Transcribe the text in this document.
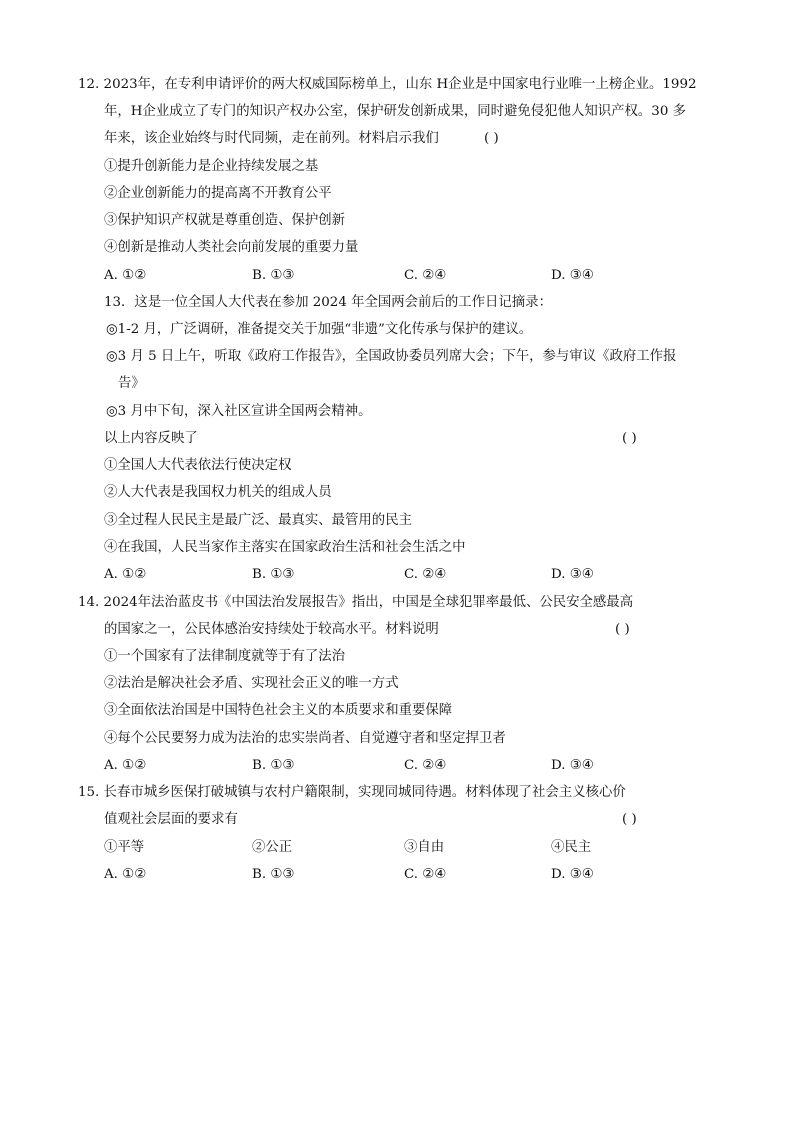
12. 2023年，在专利申请评价的两大权威国际榜单上，山东 H企业是中国家电行业唯一上榜企业。1992
年，H企业成立了专门的知识产权办公室，保护研发创新成果，同时避免侵犯他人知识产权。30 多
年来，该企业始终与时代同频，走在前列。材料启示我们	( )
①提升创新能力是企业持续发展之基
②企业创新能力的提高离不开教育公平
③保护知识产权就是尊重创造、保护创新
④创新是推动人类社会向前发展的重要力量
A. ①②	B. ①③	C. ②④	D. ③④
13．这是一位全国人大代表在参加 2024 年全国两会前后的工作日记摘录：
◎1-2 月，广泛调研，准备提交关于加强“非遗”文化传承与保护的建议。
◎3 月 5 日上午，听取《政府工作报告》，全国政协委员列席大会；下午，参与审议《政府工作报
告》
◎3 月中下旬，深入社区宣讲全国两会精神。
以上内容反映了	( )
①全国人大代表依法行使决定权
②人大代表是我国权力机关的组成人员
③全过程人民民主是最广泛、最真实、最管用的民主
④在我国，人民当家作主落实在国家政治生活和社会生活之中
A. ①②	B. ①③	C. ②④	D. ③④
14. 2024年法治蓝皮书《中国法治发展报告》指出，中国是全球犯罪率最低、公民安全感最高
的国家之一，公民体感治安持续处于较高水平。材料说明	( )
①一个国家有了法律制度就等于有了法治
②法治是解决社会矛盾、实现社会正义的唯一方式
③全面依法治国是中国特色社会主义的本质要求和重要保障
④每个公民要努力成为法治的忠实崇尚者、自觉遵守者和坚定捍卫者
A. ①②	B. ①③	C. ②④	D. ③④
15. 长春市城乡医保打破城镇与农村户籍限制，实现同城同待遇。材料体现了社会主义核心价
值观社会层面的要求有	( )
①平等	②公正	③自由	④民主
A. ①②	B. ①③	C. ②④	D. ③④
